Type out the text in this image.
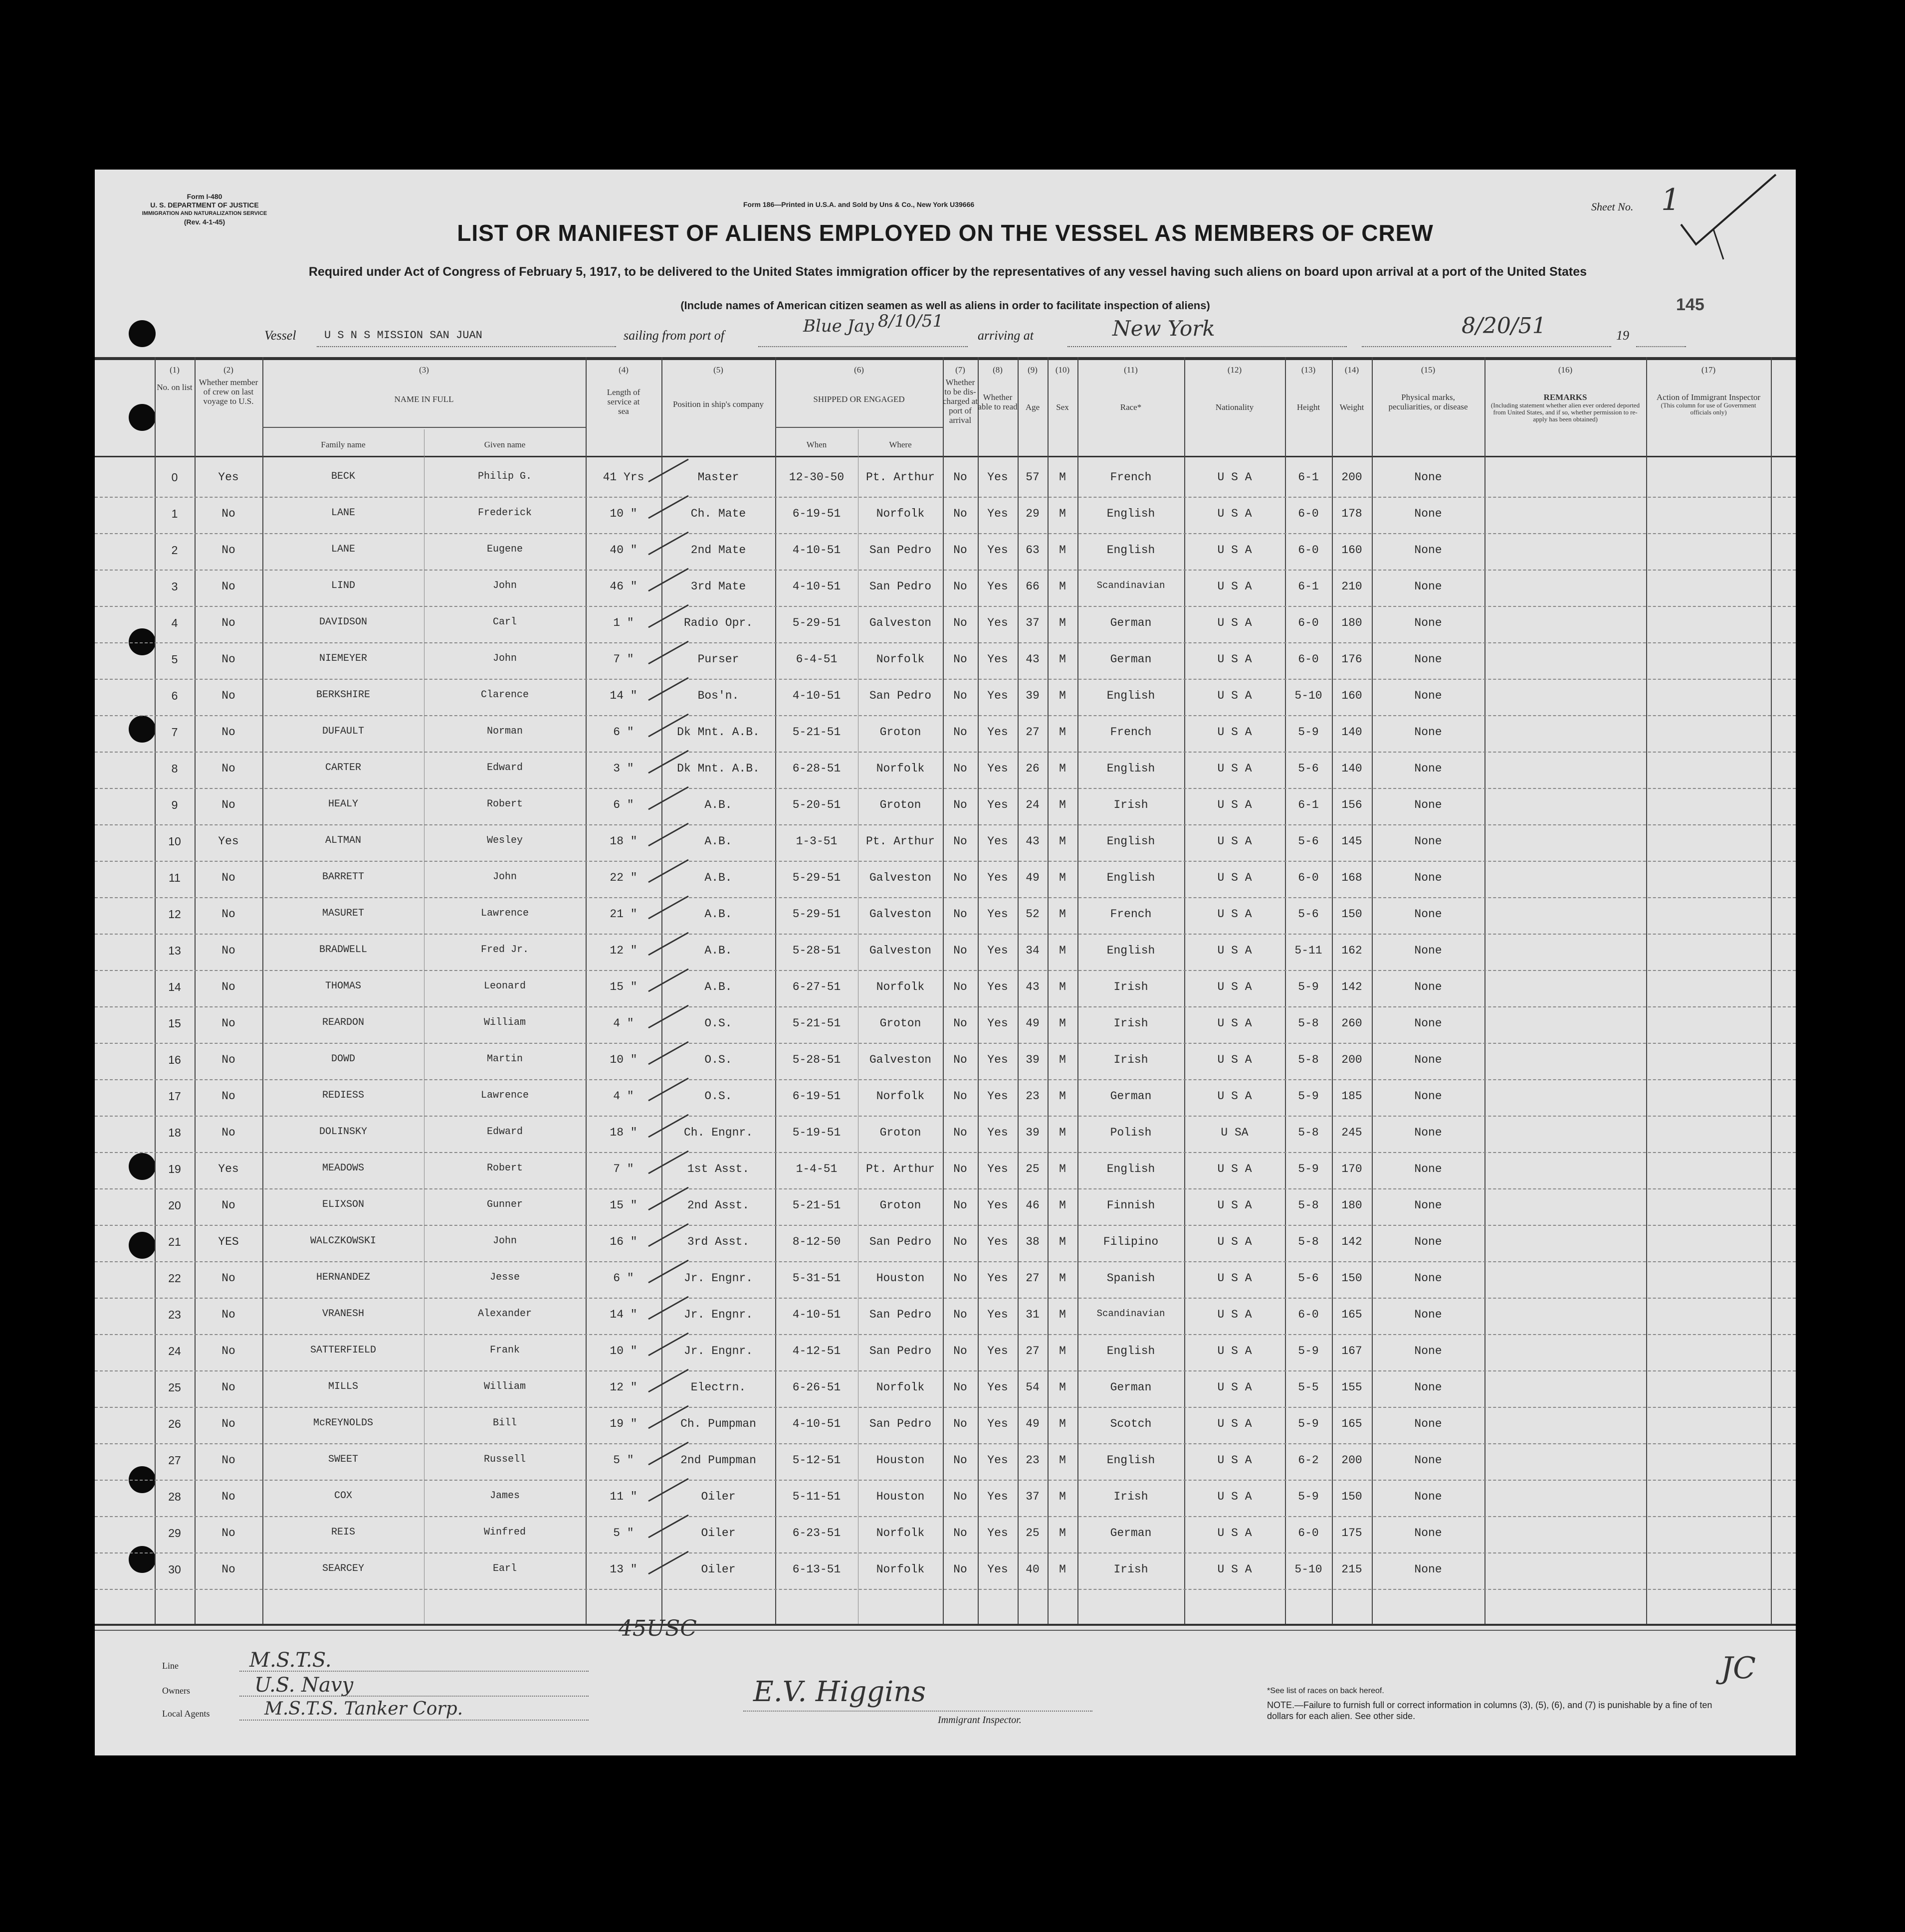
Form I-480
U. S. DEPARTMENT OF JUSTICE
IMMIGRATION AND NATURALIZATION SERVICE
(Rev. 4-1-45)
Form 186—Printed in U.S.A. and Sold by Uns & Co., New York U39666	Sheet No. 1
LIST OR MANIFEST OF ALIENS EMPLOYED ON THE VESSEL AS MEMBERS OF CREW
Required under Act of Congress of February 5, 1917, to be delivered to the United States immigration officer by the representatives of any vessel having such aliens on board upon arrival at a port of the United States
(Include names of American citizen seamen as well as aliens in order to facilitate inspection of aliens)	145
Vessel	U S N S MISSION SAN JUAN	sailing from port of	Blue Jay 8/10/51
arriving at	New York	8/20/51	19
(1)
No. on list
(2)
Whether member of crew on last voyage to U.S.
(3)
NAME IN FULL
Family name	Given name
(4)
Length of service at sea
(5)
Position in ship's company
(6)
SHIPPED OR ENGAGED
When	Where
(7)
Whether to be dis-charged at port of arrival
(8)
Whether able to read
(9)
Age
(10)
Sex
(11)
Race*
(12)
Nationality
(13)
Height
(14)
Weight
(15)
Physical marks, peculiarities, or disease
(16)
REMARKS
(Including statement whether alien ever ordered deported from United States, and if so, whether permission to re-apply has been obtained)
(17)
Action of Immigrant Inspector
(This column for use of Government officials only)
0	Yes	BECK	Philip G.	41 Yrs	Master	12-30-50	Pt. Arthur	No	Yes	57	M	French	U S A	6-1	200	None
1	No	LANE	Frederick	10 "	Ch. Mate	6-19-51	Norfolk	No	Yes	29	M	English	U S A	6-0	178	None
2	No	LANE	Eugene	40 "	2nd Mate	4-10-51	San Pedro	No	Yes	63	M	English	U S A	6-0	160	None
3	No	LIND	John	46 "	3rd Mate	4-10-51	San Pedro	No	Yes	66	M	Scandinavian	U S A	6-1	210	None
4	No	DAVIDSON	Carl	1 "	Radio Opr.	5-29-51	Galveston	No	Yes	37	M	German	U S A	6-0	180	None
5	No	NIEMEYER	John	7 "	Purser	6-4-51	Norfolk	No	Yes	43	M	German	U S A	6-0	176	None
6	No	BERKSHIRE	Clarence	14 "	Bos'n.	4-10-51	San Pedro	No	Yes	39	M	English	U S A	5-10	160	None
7	No	DUFAULT	Norman	6 "	Dk Mnt. A.B.	5-21-51	Groton	No	Yes	27	M	French	U S A	5-9	140	None
8	No	CARTER	Edward	3 "	Dk Mnt. A.B.	6-28-51	Norfolk	No	Yes	26	M	English	U S A	5-6	140	None
9	No	HEALY	Robert	6 "	A.B.	5-20-51	Groton	No	Yes	24	M	Irish	U S A	6-1	156	None
10	Yes	ALTMAN	Wesley	18 "	A.B.	1-3-51	Pt. Arthur	No	Yes	43	M	English	U S A	5-6	145	None
11	No	BARRETT	John	22 "	A.B.	5-29-51	Galveston	No	Yes	49	M	English	U S A	6-0	168	None
12	No	MASURET	Lawrence	21 "	A.B.	5-29-51	Galveston	No	Yes	52	M	French	U S A	5-6	150	None
13	No	BRADWELL	Fred Jr.	12 "	A.B.	5-28-51	Galveston	No	Yes	34	M	English	U S A	5-11	162	None
14	No	THOMAS	Leonard	15 "	A.B.	6-27-51	Norfolk	No	Yes	43	M	Irish	U S A	5-9	142	None
15	No	REARDON	William	4 "	O.S.	5-21-51	Groton	No	Yes	49	M	Irish	U S A	5-8	260	None
16	No	DOWD	Martin	10 "	O.S.	5-28-51	Galveston	No	Yes	39	M	Irish	U S A	5-8	200	None
17	No	REDIESS	Lawrence	4 "	O.S.	6-19-51	Norfolk	No	Yes	23	M	German	U S A	5-9	185	None
18	No	DOLINSKY	Edward	18 "	Ch. Engnr.	5-19-51	Groton	No	Yes	39	M	Polish	U SA	5-8	245	None
19	Yes	MEADOWS	Robert	7 "	1st Asst.	1-4-51	Pt. Arthur	No	Yes	25	M	English	U S A	5-9	170	None
20	No	ELIXSON	Gunner	15 "	2nd Asst.	5-21-51	Groton	No	Yes	46	M	Finnish	U S A	5-8	180	None
21	YES	WALCZKOWSKI	John	16 "	3rd Asst.	8-12-50	San Pedro	No	Yes	38	M	Filipino	U S A	5-8	142	None
22	No	HERNANDEZ	Jesse	6 "	Jr. Engnr.	5-31-51	Houston	No	Yes	27	M	Spanish	U S A	5-6	150	None
23	No	VRANESH	Alexander	14 "	Jr. Engnr.	4-10-51	San Pedro	No	Yes	31	M	Scandinavian	U S A	6-0	165	None
24	No	SATTERFIELD	Frank	10 "	Jr. Engnr.	4-12-51	San Pedro	No	Yes	27	M	English	U S A	5-9	167	None
25	No	MILLS	William	12 "	Electrn.	6-26-51	Norfolk	No	Yes	54	M	German	U S A	5-5	155	None
26	No	McREYNOLDS	Bill	19 "	Ch. Pumpman	4-10-51	San Pedro	No	Yes	49	M	Scotch	U S A	5-9	165	None
27	No	SWEET	Russell	5 "	2nd Pumpman	5-12-51	Houston	No	Yes	23	M	English	U S A	6-2	200	None
28	No	COX	James	11 "	Oiler	5-11-51	Houston	No	Yes	37	M	Irish	U S A	5-9	150	None
29	No	REIS	Winfred	5 "	Oiler	6-23-51	Norfolk	No	Yes	25	M	German	U S A	6-0	175	None
30	No	SEARCEY	Earl	13 "	Oiler	6-13-51	Norfolk	No	Yes	40	M	Irish	U S A	5-10	215	None
Line	M.S.T.S.
Owners	U.S. Navy
Local Agents	M.S.T.S. Tanker Corp.
45USC
E.V. Higgins
Immigrant Inspector.
*See list of races on back hereof.
NOTE.—Failure to furnish full or correct information in columns (3), (5), (6), and (7) is punishable by a fine of ten dollars for each alien. See other side.
JC
